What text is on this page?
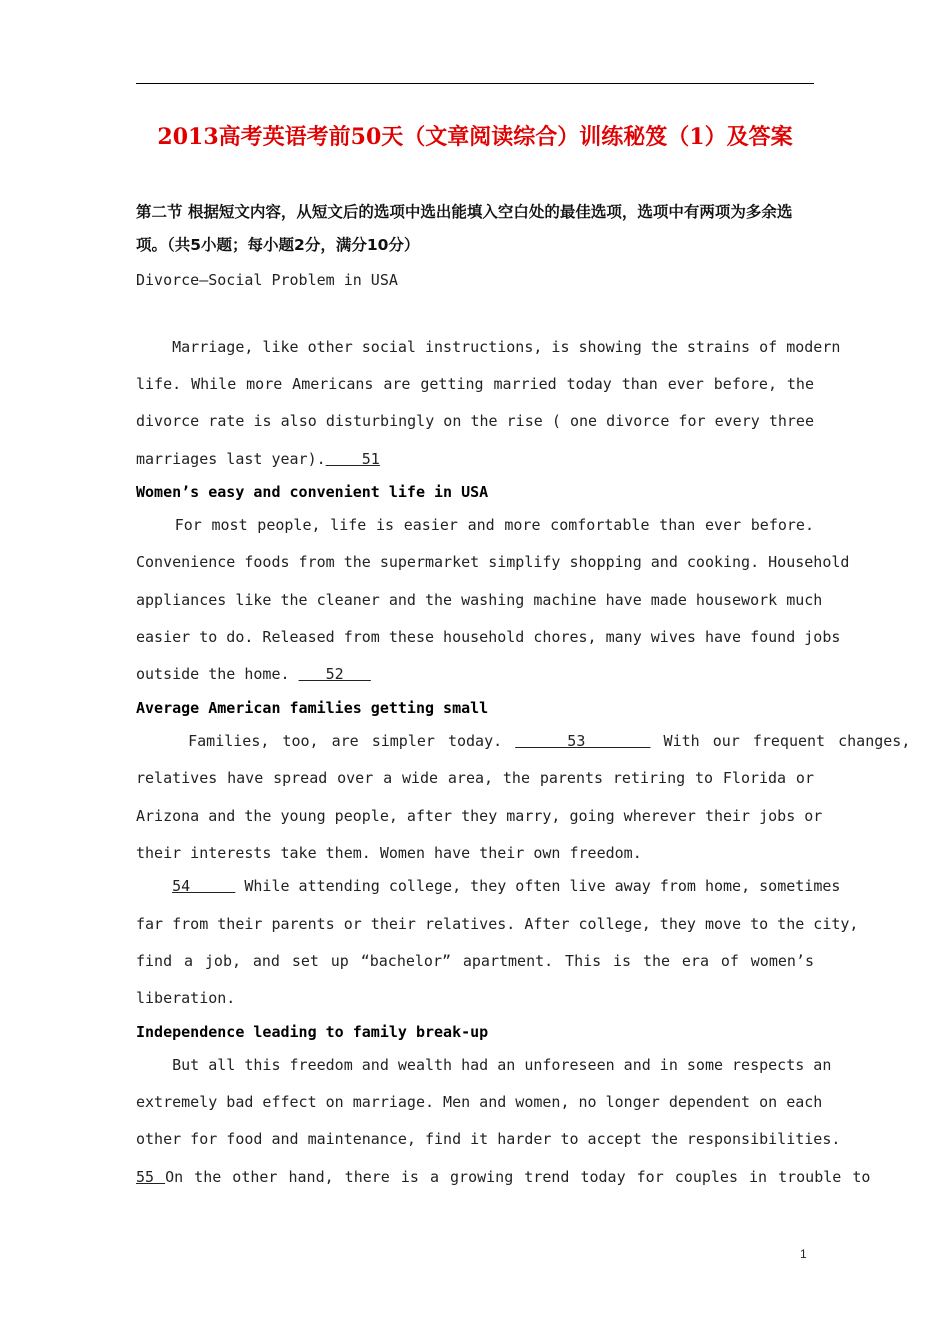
2013高考英语考前50天（文章阅读综合）训练秘笈（1）及答案
第二节 根据短文内容，从短文后的选项中选出能填入空白处的最佳选项，选项中有两项为多余选项。（共5小题；每小题2分，满分10分）
Divorce—Social Problem in USA
Marriage, like other social instructions, is showing the strains of modern
life. While more Americans are getting married today than ever before, the
divorce rate is also disturbingly on the rise ( one divorce for every three
marriages last year).    51
Women’s easy and convenient life in USA
For most people, life is easier and more comfortable than ever before.
Convenience foods from the supermarket simplify shopping and cooking. Household
appliances like the cleaner and the washing machine have made housework much
easier to do. Released from these household chores, many wives have found jobs
outside the home.    52
Average American families getting small
Families, too, are simpler today.     53      With our frequent changes,
relatives have spread over a wide area, the parents retiring to Florida or
Arizona and the young people, after they marry, going wherever their jobs or
their interests take them. Women have their own freedom.
54      While attending college, they often live away from home, sometimes
far from their parents or their relatives. After college, they move to the city,
find a job, and set up “bachelor” apartment. This is the era of women’s
liberation.
Independence leading to family break-up
But all this freedom and wealth had an unforeseen and in some respects an
extremely bad effect on marriage. Men and women, no longer dependent on each
other for food and maintenance, find it harder to accept the responsibilities.
55 On the other hand, there is a growing trend today for couples in trouble to
1
